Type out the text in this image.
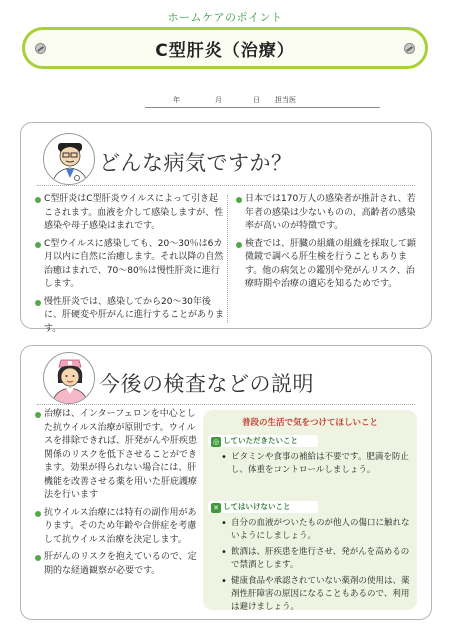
ホームケアのポイント
C型肝炎（治療）
年	月	日 担当医
どんな病気ですか？
C型肝炎はC型肝炎ウイルスによって引き起こされます。血液を介して感染しますが、性感染や母子感染はまれです。
C型ウイルスに感染しても、20〜30％は6カ月以内に自然に治癒します。それ以降の自然治癒はまれで、70〜80％は慢性肝炎に進行します。
慢性肝炎では、感染してから20〜30年後に、肝硬変や肝がんに進行することがあります。
日本では170万人の感染者が推計され、若年者の感染は少ないものの、高齢者の感染率が高いのが特徴です。
検査では、肝臓の組織の組織を採取して顕微鏡で調べる肝生検を行うこともあります。他の病気との鑑別や発がんリスク、治療時期や治療の適応を知るためです。
今後の検査などの説明
治療は、インターフェロンを中心とした抗ウイルス治療が原則です。ウイルスを排除できれば、肝発がんや肝疾患関係のリスクを低下させることができます。効果が得られない場合には、肝機能を改善させる薬を用いた肝庇護療法を行います
抗ウイルス治療には特有の副作用があります。そのため年齢や合併症を考慮して抗ウイルス治療を決定します。
肝がんのリスクを抱えているので、定期的な経過観察が必要です。
普段の生活で気をつけてほしいこと
◎ していただきたいこと
• ビタミンや食事の補給は不要です。肥満を防止し、体重をコントロールしましょう。
✕ してはいけないこと
• 自分の血液がついたものが他人の傷口に触れないようにしましょう。
• 飲酒は、肝疾患を進行させ、発がんを高めるので禁酒とします。
• 健康食品や承認されていない薬剤の使用は、薬剤性肝障害の原因になることもあるので、利用は避けましょう。
